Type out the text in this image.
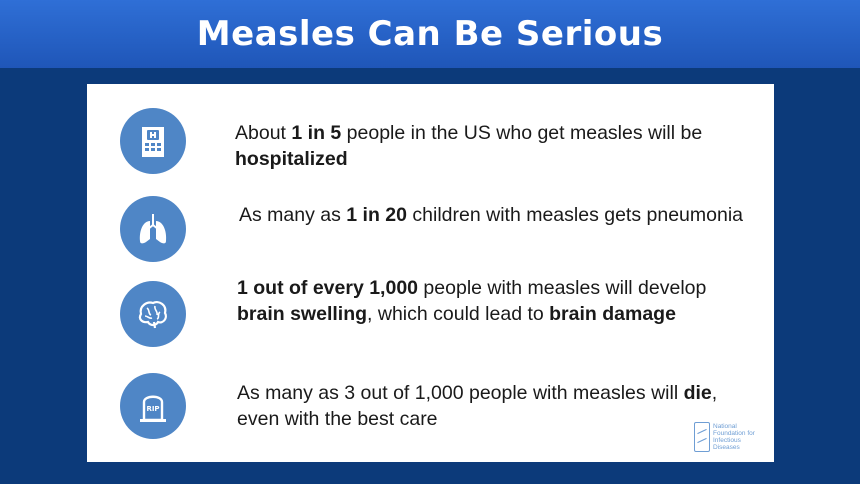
Measles Can Be Serious
About 1 in 5 people in the US who get measles will be hospitalized
As many as 1 in 20 children with measles gets pneumonia
1 out of every 1,000 people with measles will develop brain swelling, which could lead to brain damage
RIP
As many as 3 out of 1,000 people with measles will die, even with the best care	National Foundation for Infectious Diseases
